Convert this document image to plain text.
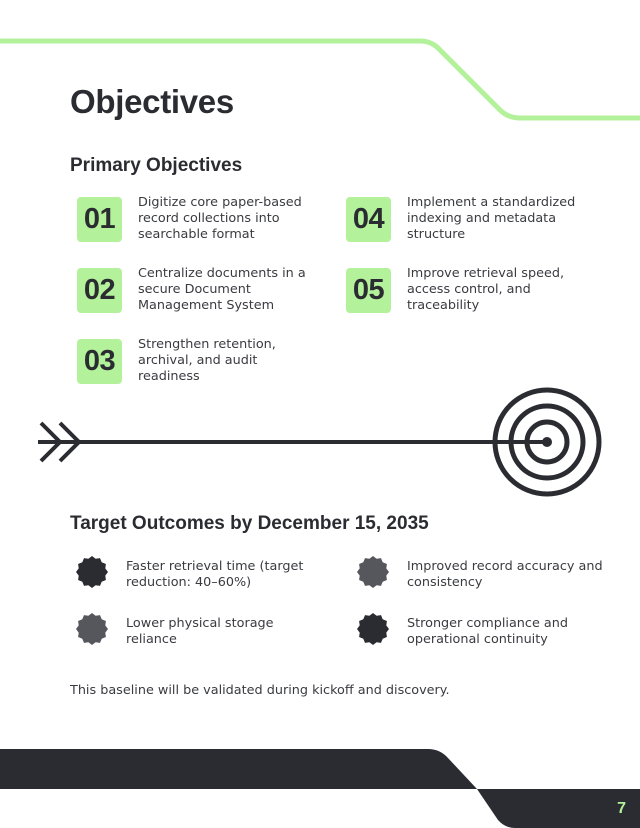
Objectives
Primary Objectives
01
Digitize core paper-based record collections into searchable format
02
Centralize documents in a secure Document Management System
03
Strengthen retention, archival, and audit readiness
04
Implement a standardized indexing and metadata structure
05
Improve retrieval speed, access control, and traceability
Target Outcomes by December 15, 2035
Faster retrieval time (target reduction: 40–60%)
Lower physical storage reliance
Improved record accuracy and consistency
Stronger compliance and operational continuity
This baseline will be validated during kickoff and discovery.
7
